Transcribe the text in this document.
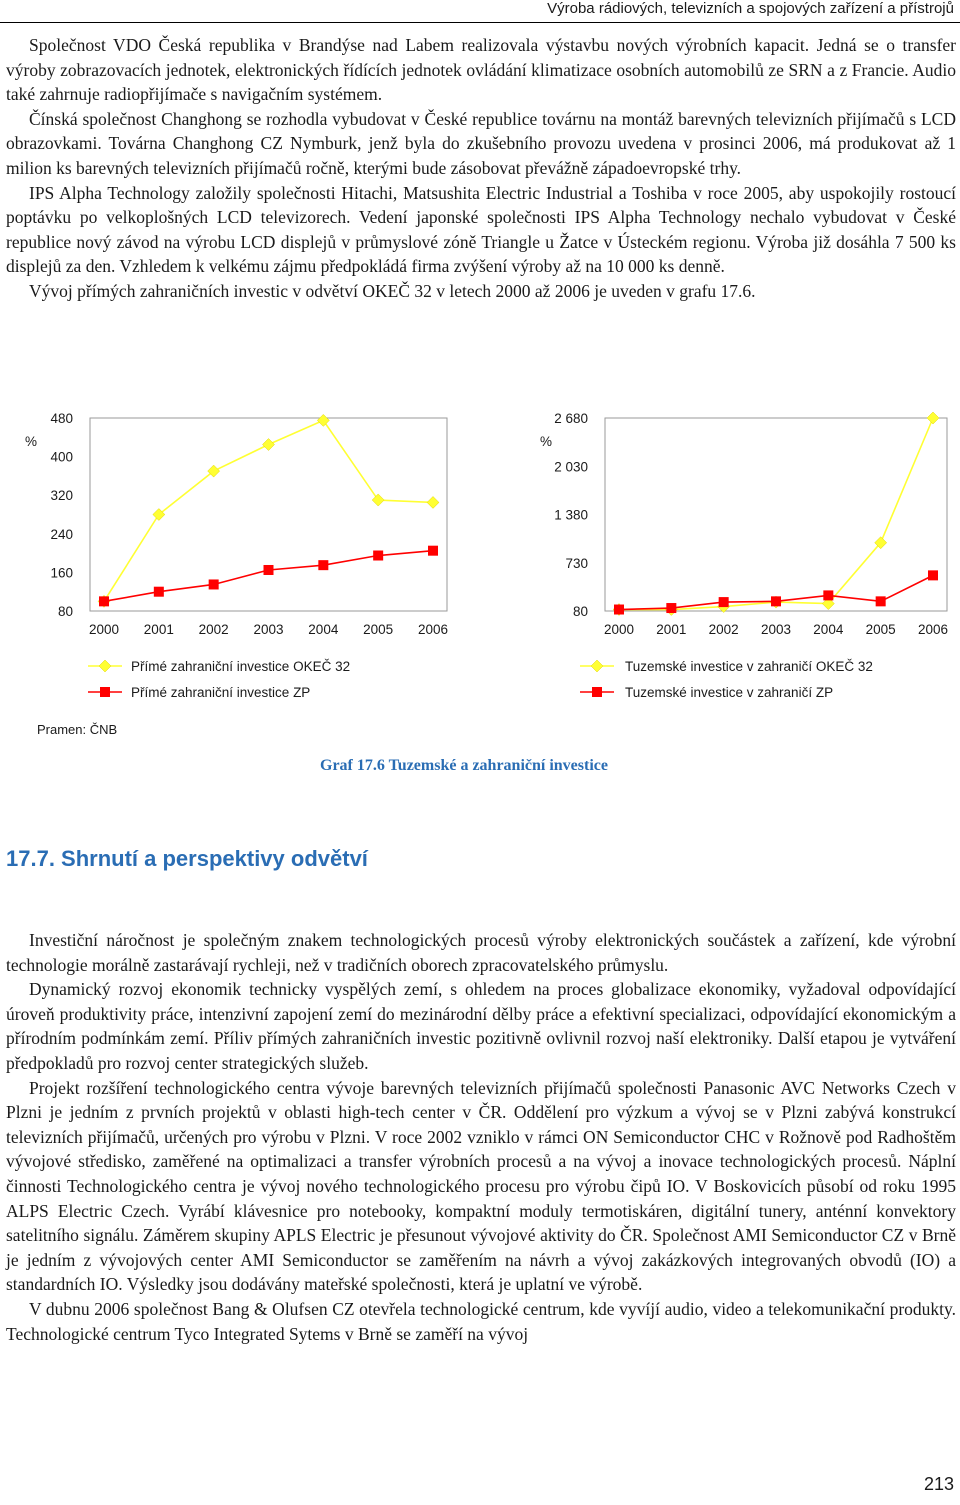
Výroba rádiových, televizních a spojových zařízení a přístrojů

Společnost VDO Česká republika v Brandýse nad Labem realizovala výstavbu nových výrobních kapacit. Jedná se o transfer výroby zobrazovacích jednotek, elektronických řídících jednotek ovládání klimatizace osobních automobilů ze SRN a z Francie. Audio také zahrnuje radiopřijímače s navigačním systémem.

Čínská společnost Changhong se rozhodla vybudovat v České republice továrnu na montáž barevných televizních přijímačů s LCD obrazovkami. Továrna Changhong CZ Nymburk, jenž byla do zkušebního provozu uvedena v prosinci 2006, má produkovat až 1 milion ks barevných televizních přijímačů ročně, kterými bude zásobovat převážně západoevropské trhy.

IPS Alpha Technology založily společnosti Hitachi, Matsushita Electric Industrial a Toshiba v roce 2005, aby uspokojily rostoucí poptávku po velkoplošných LCD televizorech. Vedení japonské společnosti IPS Alpha Technology nechalo vybudovat v České republice nový závod na výrobu LCD displejů v průmyslové zóně Triangle u Žatce v Ústeckém regionu. Výroba již dosáhla 7 500 ks displejů za den. Vzhledem k velkému zájmu předpokládá firma zvýšení výroby až na 10 000 ks denně.

Vývoj přímých zahraničních investic v odvětví OKEČ 32 v letech 2000 až 2006 je uveden v grafu 17.6.

80
160
240
320
400
480
%
2000 2001 2002 2003 2004 2005 2006
Přímé zahraniční investice OKEČ 32
Přímé zahraniční investice ZP
80
730
1 380
2 030
2 680
%
2000 2001 2002 2003 2004 2005 2006
Tuzemské investice v zahraničí OKEČ 32
Tuzemské investice v zahraničí ZP
Pramen: ČNB
Graf 17.6 Tuzemské a zahraniční investice
17.7. Shrnutí a perspektivy odvětví

Investiční náročnost je společným znakem technologických procesů výroby elektronických součástek a zařízení, kde výrobní technologie morálně zastarávají rychleji, než v tradičních oborech zpracovatelského průmyslu.

Dynamický rozvoj ekonomik technicky vyspělých zemí, s ohledem na proces globalizace ekonomiky, vyžadoval odpovídající úroveň produktivity práce, intenzivní zapojení zemí do mezinárodní dělby práce a efektivní specializaci, odpovídající ekonomickým a přírodním podmínkám zemí. Příliv přímých zahraničních investic pozitivně ovlivnil rozvoj naší elektroniky. Další etapou je vytváření předpokladů pro rozvoj center strategických služeb.

Projekt rozšíření technologického centra vývoje barevných televizních přijímačů společnosti Panasonic AVC Networks Czech v Plzni je jedním z prvních projektů v oblasti high-tech center v ČR. Oddělení pro výzkum a vývoj se v Plzni zabývá konstrukcí televizních přijímačů, určených pro výrobu v Plzni. V roce 2002 vzniklo v rámci ON Semiconductor CHC v Rožnově pod Radhoštěm vývojové středisko, zaměřené na optimalizaci a transfer výrobních procesů a na vývoj a inovace technologických procesů. Náplní činnosti Technologického centra je vývoj nového technologického procesu pro výrobu čipů IO. V Boskovicích působí od roku 1995 ALPS Electric Czech. Vyrábí klávesnice pro notebooky, kompaktní moduly termotiskáren, digitální tunery, anténní konvektory satelitního signálu. Záměrem skupiny APLS Electric je přesunout vývojové aktivity do ČR. Společnost AMI Semiconductor CZ v Brně je jedním z vývojových center AMI Semiconductor se zaměřením na návrh a vývoj zakázkových integrovaných obvodů (IO) a standardních IO. Výsledky jsou dodávány mateřské společnosti, která je uplatní ve výrobě.

V dubnu 2006 společnost Bang & Olufsen CZ otevřela technologické centrum, kde vyvíjí audio, video a telekomunikační produkty. Technologické centrum Tyco Integrated Sytems v Brně se zaměří na vývoj

213
